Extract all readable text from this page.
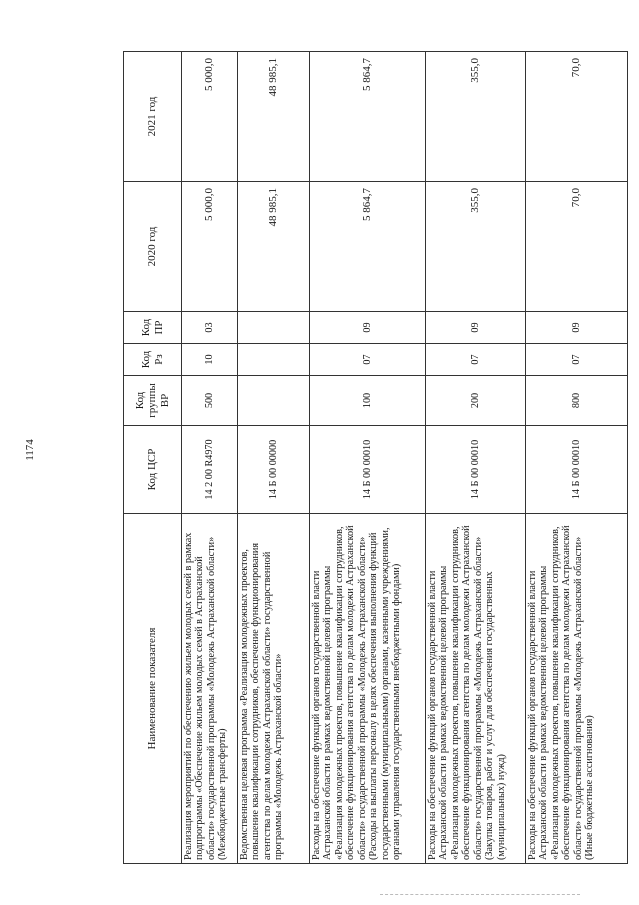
1174
Наименование показателя	Код ЦСР	Код группы ВР	Код Рз	Код ПР	2020 год	2021 год
Реализация мероприятий по обеспечению жильем молодых семей в рамках подпрограммы «Обеспечение жильем молодых семей в Астраханской области» государственной программы «Молодежь Астраханской области» (Межбюджетные трансферты)	14 2 00 R4970	500	10	03	5 000,0	5 000,0
Ведомственная целевая программа «Реализация молодежных проектов, повышение квалификации сотрудников, обеспечение функционирования агентства по делам молодежи Астраханской области» государственной программы «Молодежь Астраханской области»	14 Б 00 00000				48 985,1	48 985,1
Расходы на обеспечение функций органов государственной власти Астраханской области в рамках ведомственной целевой программы «Реализация молодежных проектов, повышение квалификации сотрудников, обеспечение функционирования агентства по делам молодежи Астраханской области» государственной программы «Молодежь Астраханской области» (Расходы на выплаты персоналу в целях обеспечения выполнения функций государственными (муниципальными) органами, казенными учреждениями, органами управления государственными внебюджетными фондами)	14 Б 00 00010	100	07	09	5 864,7	5 864,7
Расходы на обеспечение функций органов государственной власти Астраханской области в рамках ведомственной целевой программы «Реализация молодежных проектов, повышение квалификации сотрудников, обеспечение функционирования агентства по делам молодежи Астраханской области» государственной программы «Молодежь Астраханской области» (Закупка товаров, работ и услуг для обеспечения государственных (муниципальных) нужд)	14 Б 00 00010	200	07	09	355,0	355,0
Расходы на обеспечение функций органов государственной власти Астраханской области в рамках ведомственной целевой программы «Реализация молодежных проектов, повышение квалификации сотрудников, обеспечение функционирования агентства по делам молодежи Астраханской области» государственной программы «Молодежь Астраханской области» (Иные бюджетные ассигнования)	14 Б 00 00010	800	07	09	70,0	70,0
